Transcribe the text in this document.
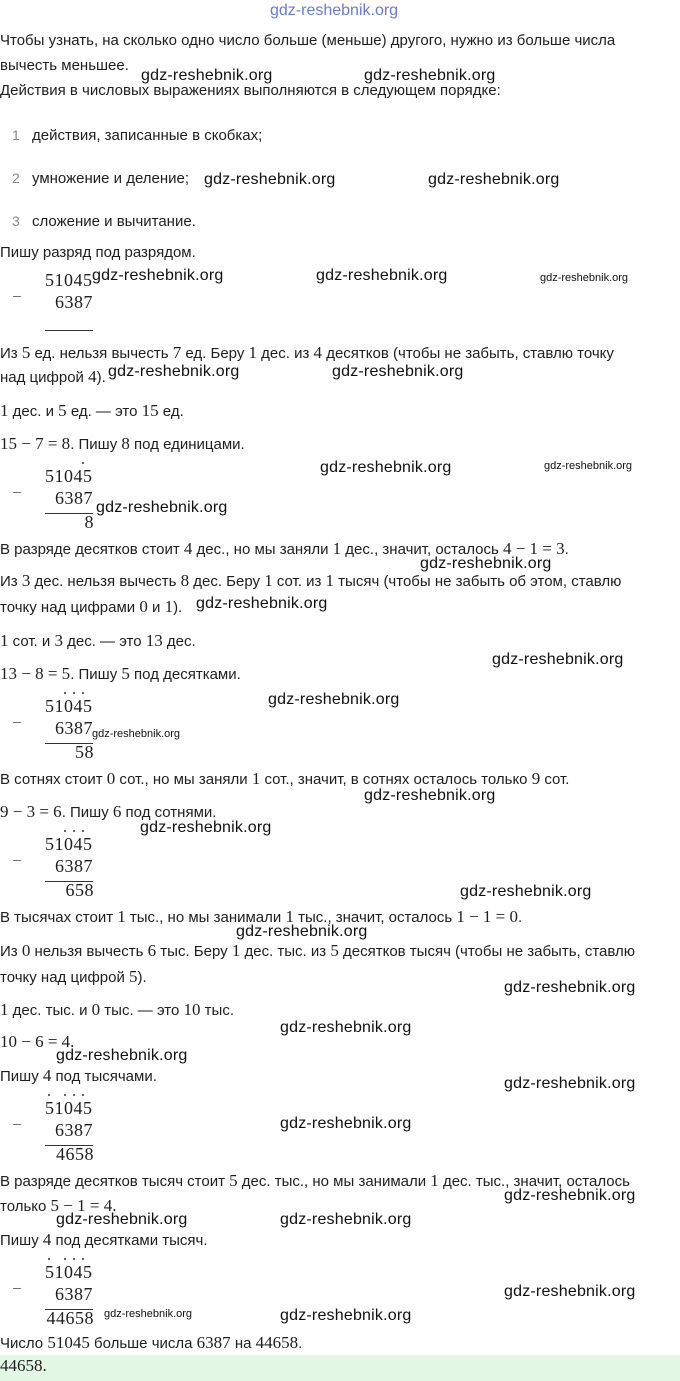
gdz-reshebnik.org
Чтобы узнать, на сколько одно число больше (меньше) другого, нужно из больше числа
вычесть меньшее.
Действия в числовых выражениях выполняются в следующем порядке:
1 действия, записанные в скобках;
2 умножение и деление;
3 сложение и вычитание.
Пишу разряд под разрядом.
−
51045
6387
Из 5 ед. нельзя вычесть 7 ед. Беру 1 дес. из 4 десятков (чтобы не забыть, ставлю точку
над цифрой 4).
1 дес. и 5 ед. — это 15 ед.
15 − 7 = 8. Пишу 8 под единицами.
−
51045
6387
8
В разряде десятков стоит 4 дес., но мы заняли 1 дес., значит, осталось 4 − 1 = 3.
Из 3 дес. нельзя вычесть 8 дес. Беру 1 сот. из 1 тысяч (чтобы не забыть об этом, ставлю
точку над цифрами 0 и 1).
1 сот. и 3 дес. — это 13 дес.
13 − 8 = 5. Пишу 5 под десятками.
−
51045
6387
58
В сотнях стоит 0 сот., но мы заняли 1 сот., значит, в сотнях осталось только 9 сот.
9 − 3 = 6. Пишу 6 под сотнями.
−
51045
6387
658
В тысячах стоит 1 тыс., но мы занимали 1 тыс., значит, осталось 1 − 1 = 0.
Из 0 нельзя вычесть 6 тыс. Беру 1 дес. тыс. из 5 десятков тысяч (чтобы не забыть, ставлю
точку над цифрой 5).
1 дес. тыс. и 0 тыс. — это 10 тыс.
10 − 6 = 4.
Пишу 4 под тысячами.
−
51045
6387
4658
В разряде десятков тысяч стоит 5 дес. тыс., но мы занимали 1 дес. тыс., значит, осталось
только 5 − 1 = 4.
Пишу 4 под десятками тысяч.
−
51045
6387
44658
Число 51045 больше числа 6387 на 44658.
44658.
gdz-reshebnik.org	gdz-reshebnik.org
gdz-reshebnik.org	gdz-reshebnik.org
gdz-reshebnik.org	gdz-reshebnik.org	gdz-reshebnik.org
gdz-reshebnik.org	gdz-reshebnik.org
gdz-reshebnik.org	gdz-reshebnik.org
gdz-reshebnik.org
gdz-reshebnik.org
gdz-reshebnik.org
gdz-reshebnik.org
gdz-reshebnik.org
gdz-reshebnik.org
gdz-reshebnik.org
gdz-reshebnik.org
gdz-reshebnik.org
gdz-reshebnik.org
gdz-reshebnik.org
gdz-reshebnik.org
gdz-reshebnik.org
gdz-reshebnik.org
gdz-reshebnik.org
gdz-reshebnik.org
gdz-reshebnik.org	gdz-reshebnik.org
gdz-reshebnik.org
gdz-reshebnik.org	gdz-reshebnik.org
